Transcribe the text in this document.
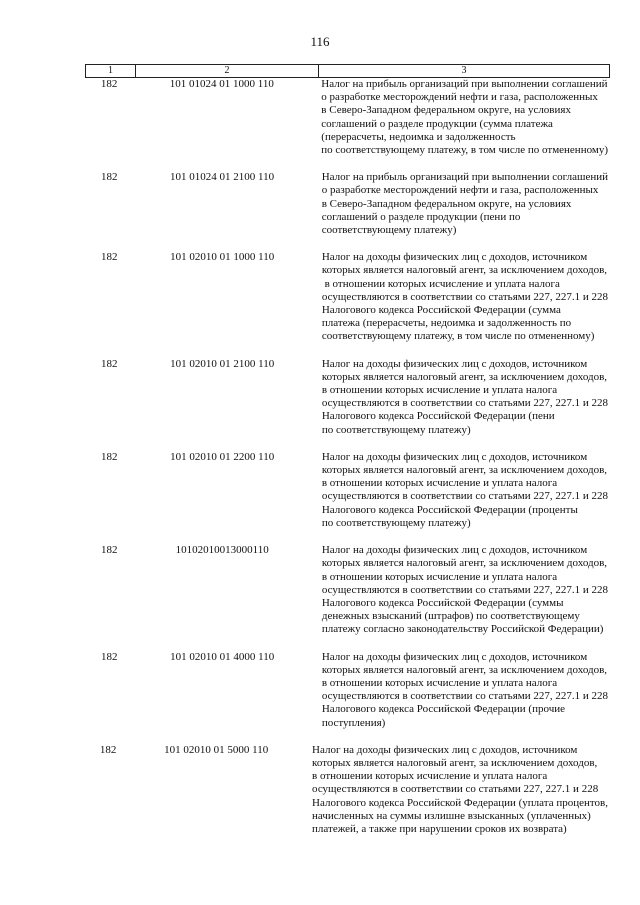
116
1	2	3
182	101 01024 01 1000 110	Налог на прибыль организаций при выполнении соглашений
о разработке месторождений нефти и газа, расположенных
в Северо-Западном федеральном округе, на условиях
соглашений о разделе продукции (сумма платежа
(перерасчеты, недоимка и задолженность
по соответствующему платежу, в том числе по отмененному)
182	101 01024 01 2100 110	Налог на прибыль организаций при выполнении соглашений
о разработке месторождений нефти и газа, расположенных
в Северо-Западном федеральном округе, на условиях
соглашений о разделе продукции (пени по
соответствующему платежу)
182	101 02010 01 1000 110	Налог на доходы физических лиц с доходов, источником
которых является налоговый агент, за исключением доходов,
в отношении которых исчисление и уплата налога
осуществляются в соответствии со статьями 227, 227.1 и 228
Налогового кодекса Российской Федерации (сумма
платежа (перерасчеты, недоимка и задолженность по
соответствующему платежу, в том числе по отмененному)
182	101 02010 01 2100 110	Налог на доходы физических лиц с доходов, источником
которых является налоговый агент, за исключением доходов,
в отношении которых исчисление и уплата налога
осуществляются в соответствии со статьями 227, 227.1 и 228
Налогового кодекса Российской Федерации (пени
по соответствующему платежу)
182	101 02010 01 2200 110	Налог на доходы физических лиц с доходов, источником
которых является налоговый агент, за исключением доходов,
в отношении которых исчисление и уплата налога
осуществляются в соответствии со статьями 227, 227.1 и 228
Налогового кодекса Российской Федерации (проценты
по соответствующему платежу)
182	10102010013000110	Налог на доходы физических лиц с доходов, источником
которых является налоговый агент, за исключением доходов,
в отношении которых исчисление и уплата налога
осуществляются в соответствии со статьями 227, 227.1 и 228
Налогового кодекса Российской Федерации (суммы
денежных взысканий (штрафов) по соответствующему
платежу согласно законодательству Российской Федерации)
182	101 02010 01 4000 110	Налог на доходы физических лиц с доходов, источником
которых является налоговый агент, за исключением доходов,
в отношении которых исчисление и уплата налога
осуществляются в соответствии со статьями 227, 227.1 и 228
Налогового кодекса Российской Федерации (прочие
поступления)
182	101 02010 01 5000 110	Налог на доходы физических лиц с доходов, источником
которых является налоговый агент, за исключением доходов,
в отношении которых исчисление и уплата налога
осуществляются в соответствии со статьями 227, 227.1 и 228
Налогового кодекса Российской Федерации (уплата процентов,
начисленных на суммы излишне взысканных (уплаченных)
платежей, а также при нарушении сроков их возврата)
